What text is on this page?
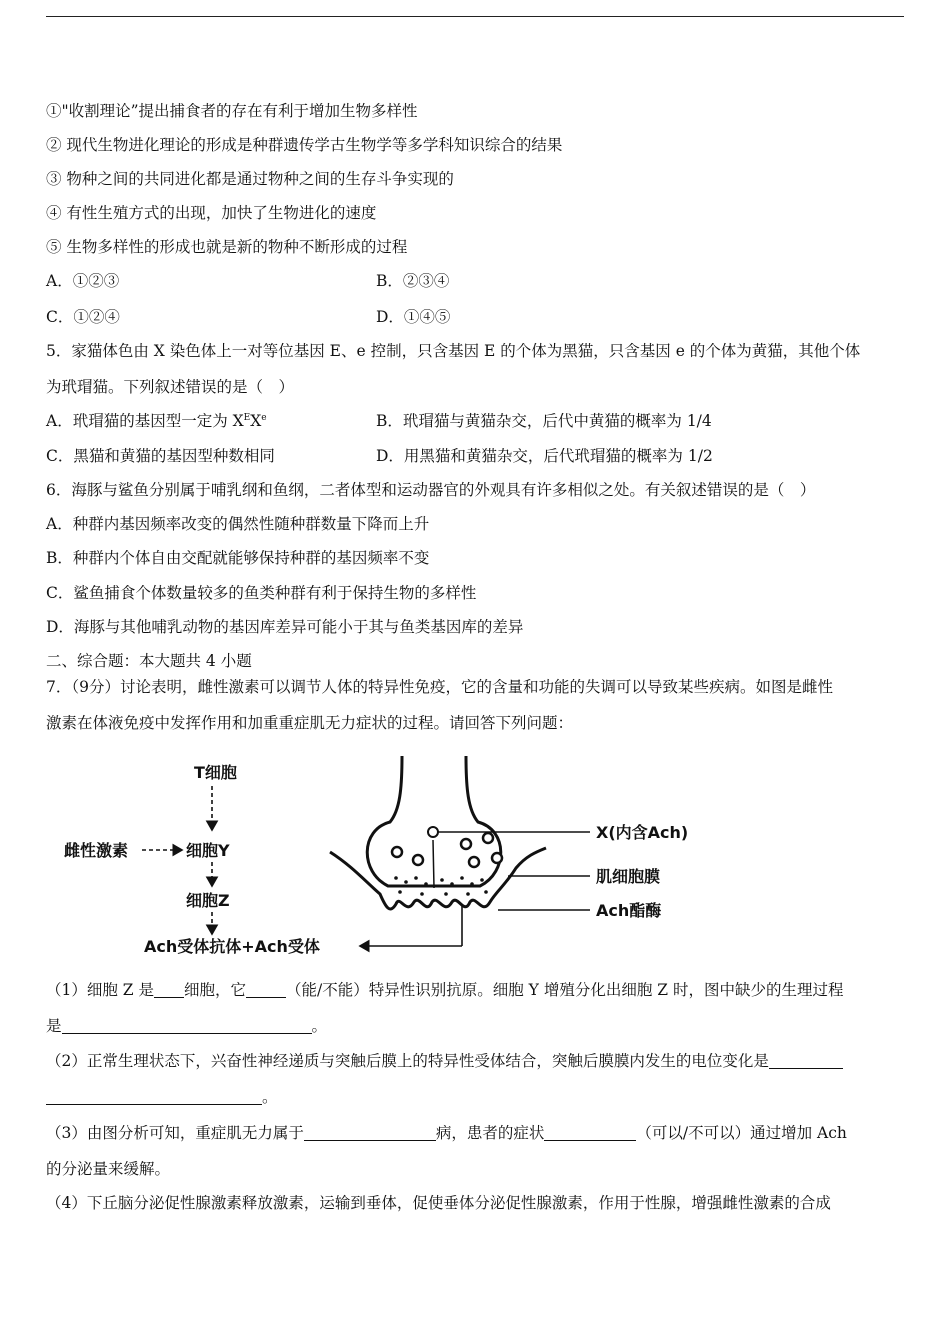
①"收割理论”提出捕食者的存在有利于增加生物多样性
② 现代生物进化理论的形成是种群遗传学古生物学等多学科知识综合的结果
③ 物种之间的共同进化都是通过物种之间的生存斗争实现的
④ 有性生殖方式的出现，加快了生物进化的速度
⑤ 生物多样性的形成也就是新的物种不断形成的过程
A．①②③	B．②③④
C．①②④	D．①④⑤
5．家猫体色由 X 染色体上一对等位基因 E、e 控制，只含基因 E 的个体为黑猫，只含基因 e 的个体为黄猫，其他个体
为玳瑁猫。下列叙述错误的是（　）
A．玳瑁猫的基因型一定为 $X^EXe$	B．玳瑁猫与黄猫杂交，后代中黄猫的概率为 1/4
C．黑猫和黄猫的基因型种数相同	D．用黑猫和黄猫杂交，后代玳瑁猫的概率为 1/2
6．海豚与鲨鱼分别属于哺乳纲和鱼纲，二者体型和运动器官的外观具有许多相似之处。有关叙述错误的是（　）
A．种群内基因频率改变的偶然性随种群数量下降而上升
B．种群内个体自由交配就能够保持种群的基因频率不变
C．鲨鱼捕食个体数量较多的鱼类种群有利于保持生物的多样性
D．海豚与其他哺乳动物的基因库差异可能小于其与鱼类基因库的差异
二、综合题：本大题共 4 小题
7．（9分）讨论表明，雌性激素可以调节人体的特异性免疫，它的含量和功能的失调可以导致某些疾病。如图是雌性
激素在体液免疫中发挥作用和加重重症肌无力症状的过程。请回答下列问题：
T细胞
雌性激素	细胞Y
细胞Z
Ach受体抗体+Ach受体
X(内含Ach)
肌细胞膜
Ach酯酶
（1）细胞 Z 是 细胞，它	（能/不能）特异性识别抗原。细胞 Y 增殖分化出细胞 Z 时，图中缺少的生理过程
是	。
（2）正常生理状态下，兴奋性神经递质与突触后膜上的特异性受体结合，突触后膜膜内发生的电位变化是
。
（3）由图分析可知，重症肌无力属于	病，患者的症状	（可以/不可以）通过增加 Ach
的分泌量来缓解。
（4）下丘脑分泌促性腺激素释放激素，运输到垂体，促使垂体分泌促性腺激素，作用于性腺，增强雌性激素的合成
